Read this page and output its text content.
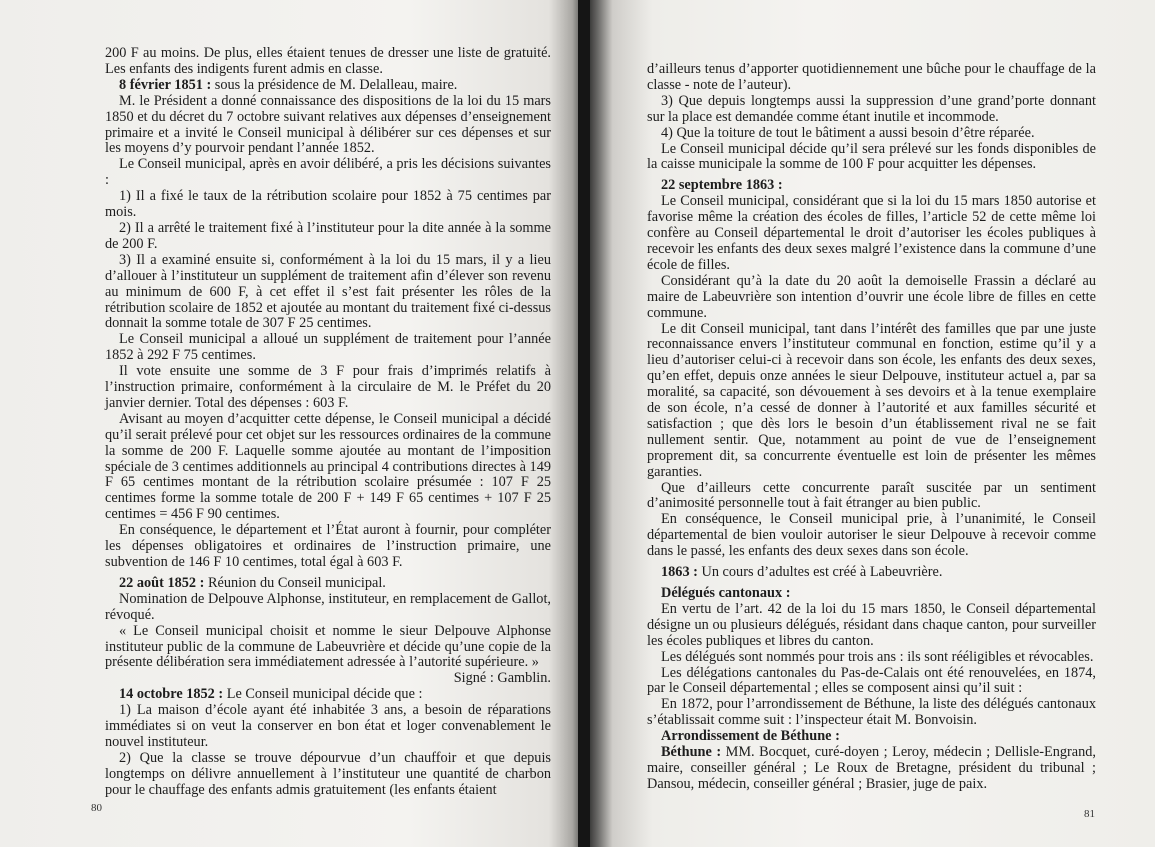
200 F au moins. De plus, elles étaient tenues de dresser une liste de gratuité. Les enfants des indigents furent admis en classe.

8 février 1851 : sous la présidence de M. Delalleau, maire.

M. le Président a donné connaissance des dispositions de la loi du 15 mars 1850 et du décret du 7 octobre suivant relatives aux dépenses d’enseignement primaire et a invité le Conseil municipal à délibérer sur ces dépenses et sur les moyens d’y pourvoir pendant l’année 1852.

Le Conseil municipal, après en avoir délibéré, a pris les décisions suivantes :

1) Il a fixé le taux de la rétribution scolaire pour 1852 à 75 centimes par mois.

2) Il a arrêté le traitement fixé à l’instituteur pour la dite année à la somme de 200 F.

3) Il a examiné ensuite si, conformément à la loi du 15 mars, il y a lieu d’allouer à l’instituteur un supplément de traitement afin d’élever son revenu au minimum de 600 F, à cet effet il s’est fait présenter les rôles de la rétribution scolaire de 1852 et ajoutée au montant du traitement fixé ci-dessus donnait la somme totale de 307 F 25 centimes.

Le Conseil municipal a alloué un supplément de traitement pour l’année 1852 à 292 F 75 centimes.

Il vote ensuite une somme de 3 F pour frais d’imprimés relatifs à l’instruction primaire, conformément à la circulaire de M. le Préfet du 20 janvier dernier. Total des dépenses : 603 F.

Avisant au moyen d’acquitter cette dépense, le Conseil municipal a décidé qu’il serait prélevé pour cet objet sur les ressources ordinaires de la commune la somme de 200 F. Laquelle somme ajoutée au montant de l’imposition spéciale de 3 centimes additionnels au principal 4 contributions directes à 149 F 65 centimes montant de la rétribution scolaire présumée : 107 F 25 centimes forme la somme totale de 200 F + 149 F 65 centimes + 107 F 25 centimes = 456 F 90 centimes.

En conséquence, le département et l’État auront à fournir, pour compléter les dépenses obligatoires et ordinaires de l’instruction primaire, une subvention de 146 F 10 centimes, total égal à 603 F.

22 août 1852 : Réunion du Conseil municipal.

Nomination de Delpouve Alphonse, instituteur, en remplacement de Gallot, révoqué.

« Le Conseil municipal choisit et nomme le sieur Delpouve Alphonse instituteur public de la commune de Labeuvrière et décide qu’une copie de la présente délibération sera immédiatement adressée à l’autorité supérieure. »

Signé : Gamblin.

14 octobre 1852 : Le Conseil municipal décide que :

1) La maison d’école ayant été inhabitée 3 ans, a besoin de réparations immédiates si on veut la conserver en bon état et loger convenablement le nouvel instituteur.

2) Que la classe se trouve dépourvue d’un chauffoir et que depuis longtemps on délivre annuellement à l’instituteur une quantité de charbon pour le chauffage des enfants admis gratuitement (les enfants étaient

80

d’ailleurs tenus d’apporter quotidiennement une bûche pour le chauffage de la classe - note de l’auteur).

3) Que depuis longtemps aussi la suppression d’une grand’porte donnant sur la place est demandée comme étant inutile et incommode.

4) Que la toiture de tout le bâtiment a aussi besoin d’être réparée.

Le Conseil municipal décide qu’il sera prélevé sur les fonds disponibles de la caisse municipale la somme de 100 F pour acquitter les dépenses.

22 septembre 1863 :

Le Conseil municipal, considérant que si la loi du 15 mars 1850 autorise et favorise même la création des écoles de filles, l’article 52 de cette même loi confère au Conseil départemental le droit d’autoriser les écoles publiques à recevoir les enfants des deux sexes malgré l’existence dans la commune d’une école de filles.

Considérant qu’à la date du 20 août la demoiselle Frassin a déclaré au maire de Labeuvrière son intention d’ouvrir une école libre de filles en cette commune.

Le dit Conseil municipal, tant dans l’intérêt des familles que par une juste reconnaissance envers l’instituteur communal en fonction, estime qu’il y a lieu d’autoriser celui-ci à recevoir dans son école, les enfants des deux sexes, qu’en effet, depuis onze années le sieur Delpouve, instituteur actuel a, par sa moralité, sa capacité, son dévouement à ses devoirs et à la tenue exemplaire de son école, n’a cessé de donner à l’autorité et aux familles sécurité et satisfaction ; que dès lors le besoin d’un établissement rival ne se fait nullement sentir. Que, notamment au point de vue de l’enseignement proprement dit, sa concurrente éventuelle est loin de présenter les mêmes garanties.

Que d’ailleurs cette concurrente paraît suscitée par un sentiment d’animosité personnelle tout à fait étranger au bien public.

En conséquence, le Conseil municipal prie, à l’unanimité, le Conseil départemental de bien vouloir autoriser le sieur Delpouve à recevoir comme dans le passé, les enfants des deux sexes dans son école.

1863 : Un cours d’adultes est créé à Labeuvrière.

Délégués cantonaux :

En vertu de l’art. 42 de la loi du 15 mars 1850, le Conseil départemental désigne un ou plusieurs délégués, résidant dans chaque canton, pour surveiller les écoles publiques et libres du canton.

Les délégués sont nommés pour trois ans : ils sont rééligibles et révocables.

Les délégations cantonales du Pas-de-Calais ont été renouvelées, en 1874, par le Conseil départemental ; elles se composent ainsi qu’il suit :

En 1872, pour l’arrondissement de Béthune, la liste des délégués cantonaux s’établissait comme suit : l’inspecteur était M. Bonvoisin.

Arrondissement de Béthune :

Béthune : MM. Bocquet, curé-doyen ; Leroy, médecin ; Dellisle-Engrand, maire, conseiller général ; Le Roux de Bretagne, président du tribunal ; Dansou, médecin, conseiller général ; Brasier, juge de paix.

81
